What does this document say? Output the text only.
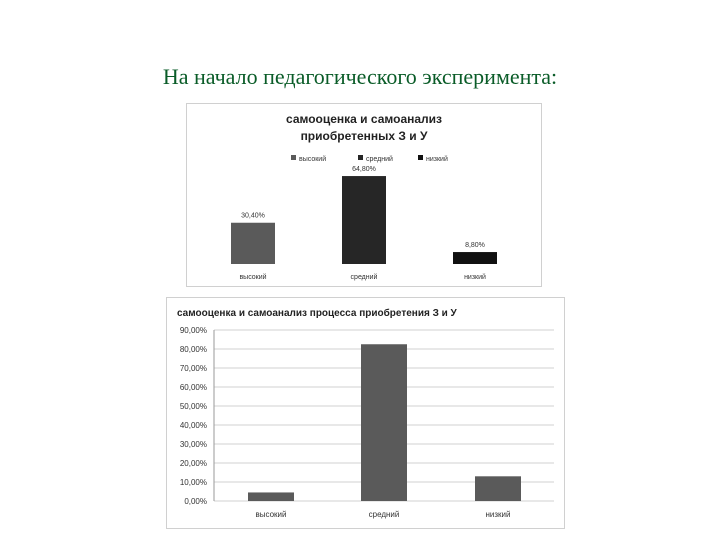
На начало педагогического эксперимента:
самооценка и самоанализ
приобретенных З и У
высокий	средний	низкий
30,40%
высокий
64,80%
средний
8,80%
низкий
самооценка и самоанализ процесса приобретения З и У
0,00%
10,00%
20,00%
30,00%
40,00%
50,00%
60,00%
70,00%
80,00%
90,00%
высокий	средний	низкий
